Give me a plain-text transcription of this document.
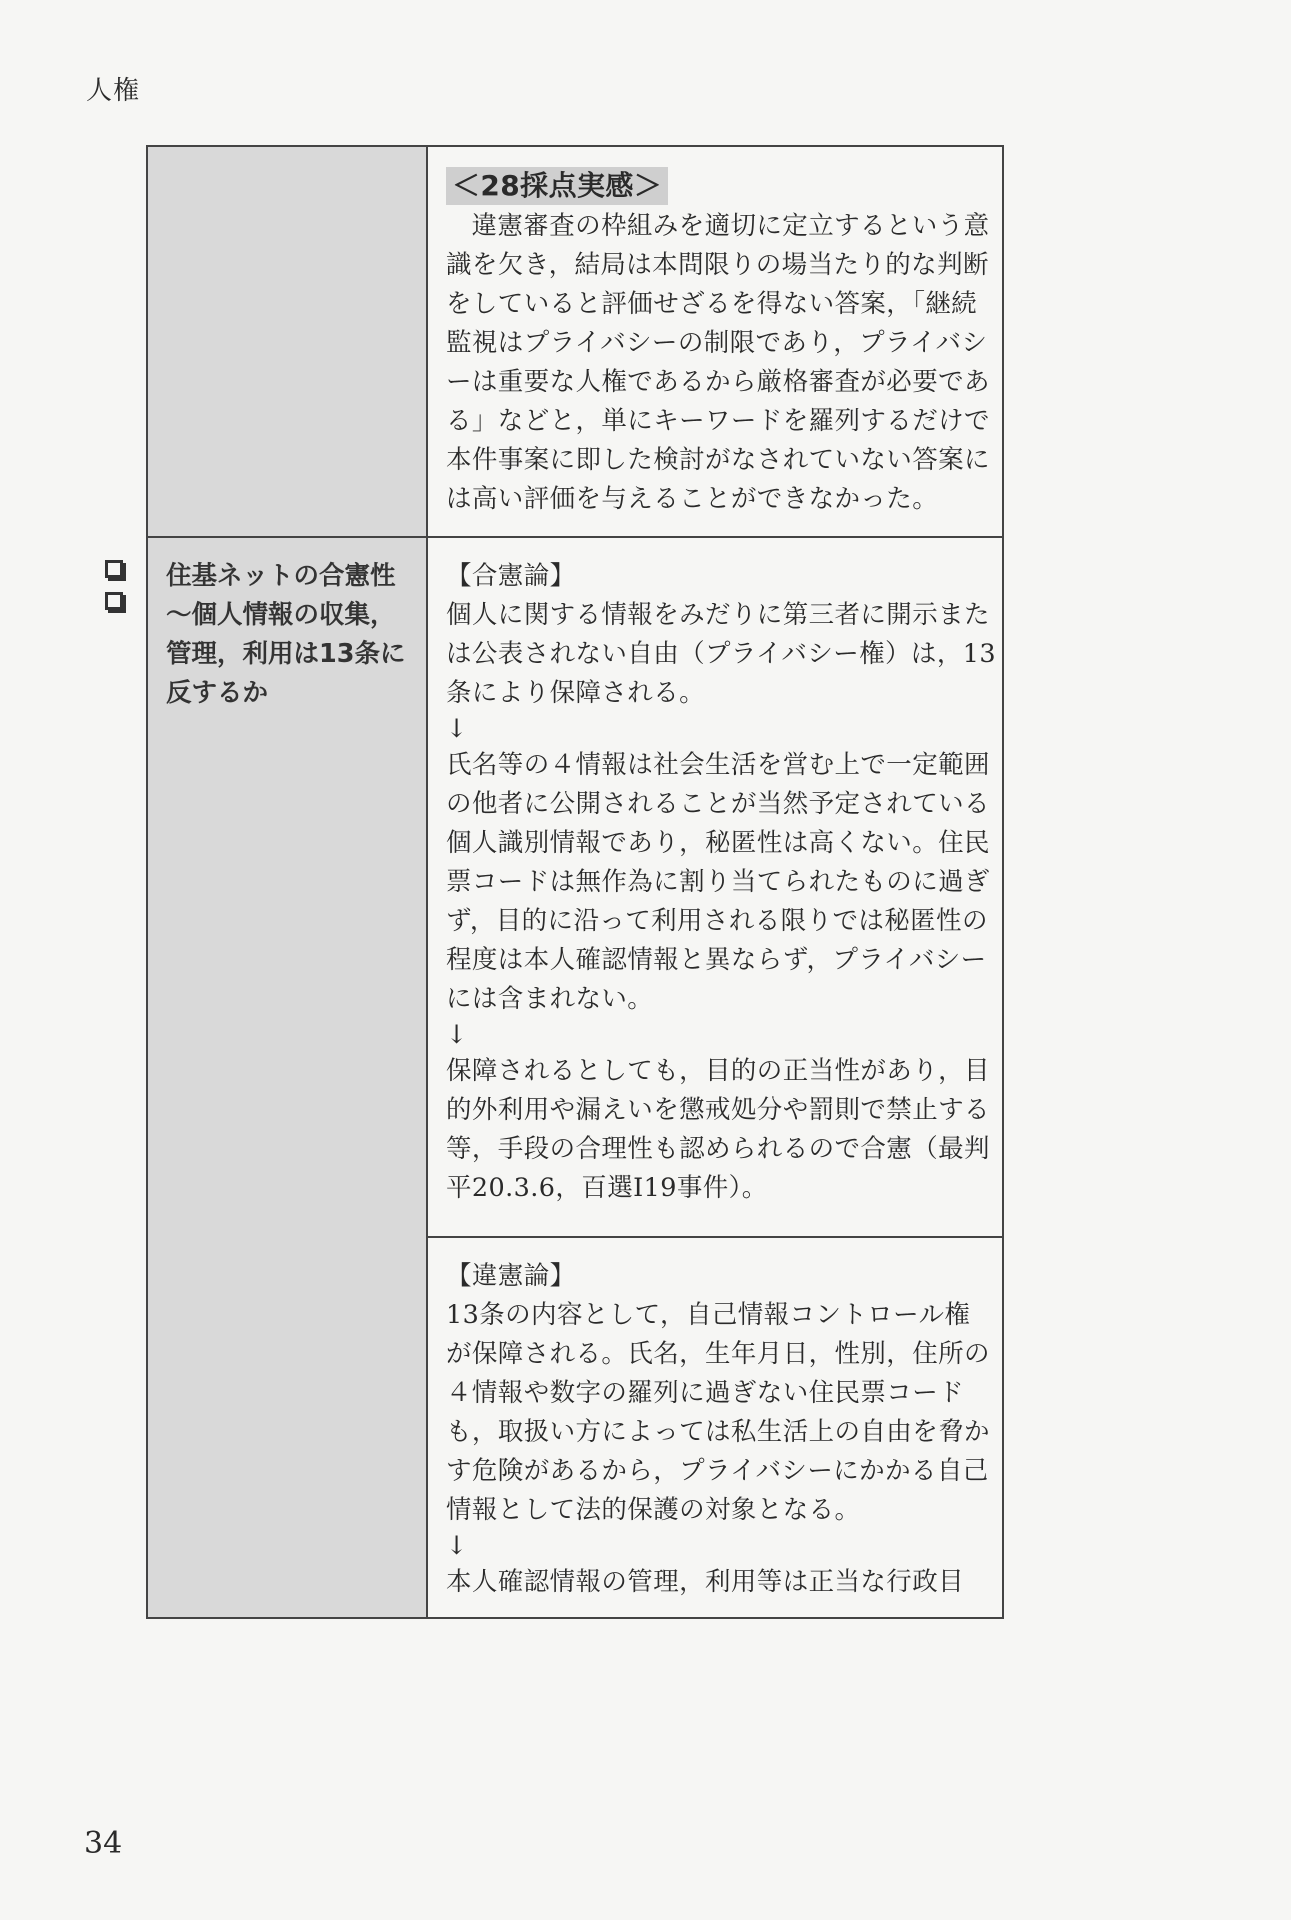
人権
住基ネットの合憲性～個人情報の収集，管理，利用は13条に反するか
＜28採点実感＞

違憲審査の枠組みを適切に定立するという意識を欠き，結局は本問限りの場当たり的な判断をしていると評価せざるを得ない答案，「継続監視はプライバシーの制限であり，プライバシーは重要な人権であるから厳格審査が必要である」などと，単にキーワードを羅列するだけで本件事案に即した検討がなされていない答案には高い評価を与えることができなかった。

【合憲論】

個人に関する情報をみだりに第三者に開示または公表されない自由（プライバシー権）は，13条により保障される。

↓

氏名等の４情報は社会生活を営む上で一定範囲の他者に公開されることが当然予定されている個人識別情報であり，秘匿性は高くない。住民票コードは無作為に割り当てられたものに過ぎず，目的に沿って利用される限りでは秘匿性の程度は本人確認情報と異ならず，プライバシーには含まれない。

↓

保障されるとしても，目的の正当性があり，目的外利用や漏えいを懲戒処分や罰則で禁止する等，手段の合理性も認められるので合憲（最判平20.3.6，百選Ⅰ19事件）。

【違憲論】

13条の内容として，自己情報コントロール権が保障される。氏名，生年月日，性別，住所の４情報や数字の羅列に過ぎない住民票コードも，取扱い方によっては私生活上の自由を脅かす危険があるから，プライバシーにかかる自己情報として法的保護の対象となる。

↓

本人確認情報の管理，利用等は正当な行政目

34
